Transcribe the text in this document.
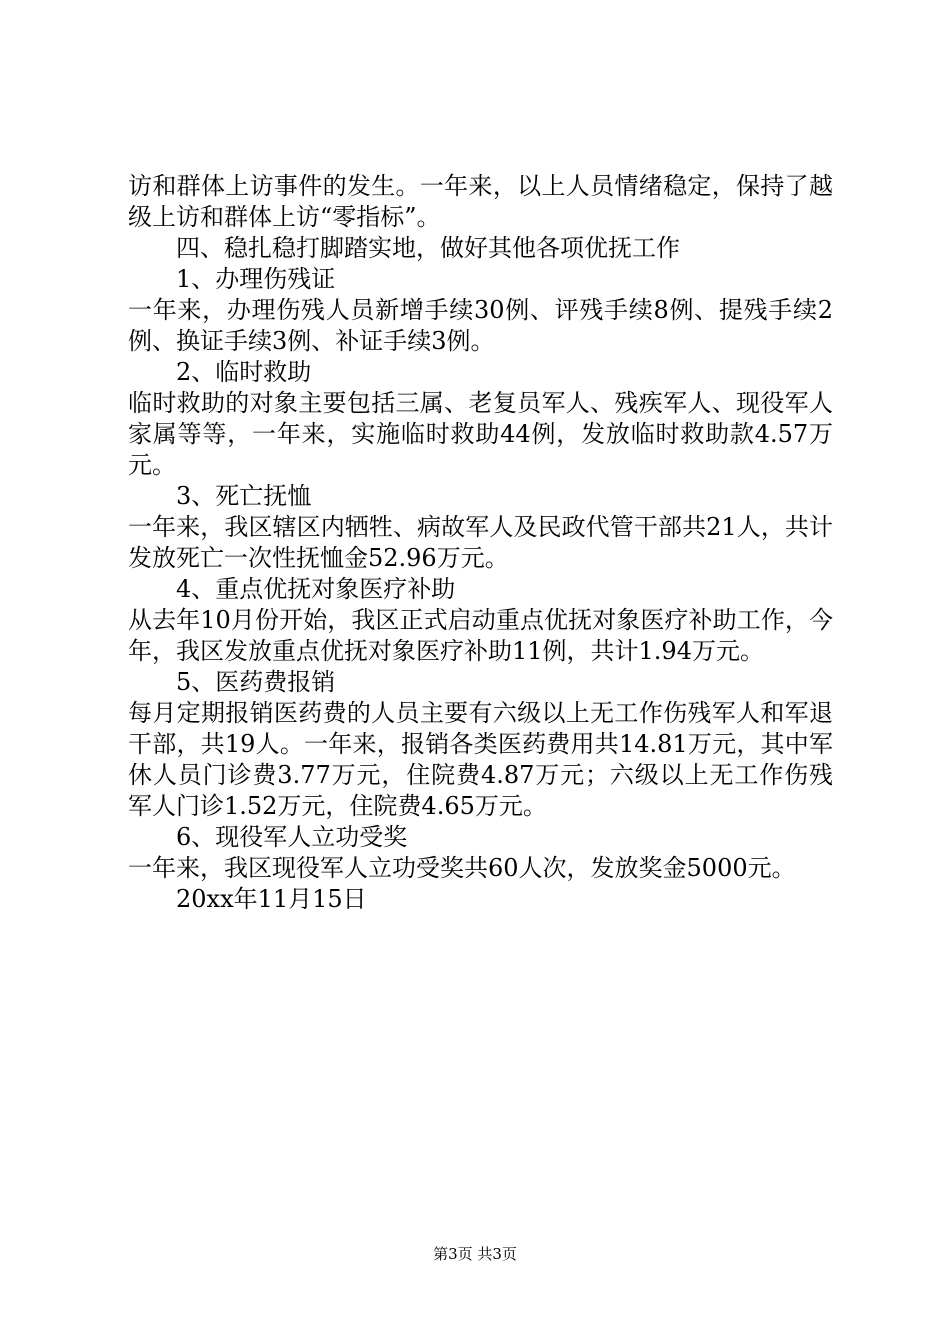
访和群体上访事件的发生。一年来，以上人员情绪稳定，保持了越级上访和群体上访“零指标”。

四、稳扎稳打脚踏实地，做好其他各项优抚工作

1、办理伤残证

一年来，办理伤残人员新增手续30例、评残手续8例、提残手续2例、换证手续3例、补证手续3例。

2、临时救助

临时救助的对象主要包括三属、老复员军人、残疾军人、现役军人家属等等，一年来，实施临时救助44例，发放临时救助款4.57万元。

3、死亡抚恤

一年来，我区辖区内牺牲、病故军人及民政代管干部共21人，共计发放死亡一次性抚恤金52.96万元。

4、重点优抚对象医疗补助

从去年10月份开始，我区正式启动重点优抚对象医疗补助工作，今年，我区发放重点优抚对象医疗补助11例，共计1.94万元。

5、医药费报销

每月定期报销医药费的人员主要有六级以上无工作伤残军人和军退干部，共19人。一年来，报销各类医药费用共14.81万元，其中军休人员门诊费3.77万元，住院费4.87万元；六级以上无工作伤残军人门诊1.52万元，住院费4.65万元。

6、现役军人立功受奖

一年来，我区现役军人立功受奖共60人次，发放奖金5000元。

20xx年11月15日

第3页 共3页
